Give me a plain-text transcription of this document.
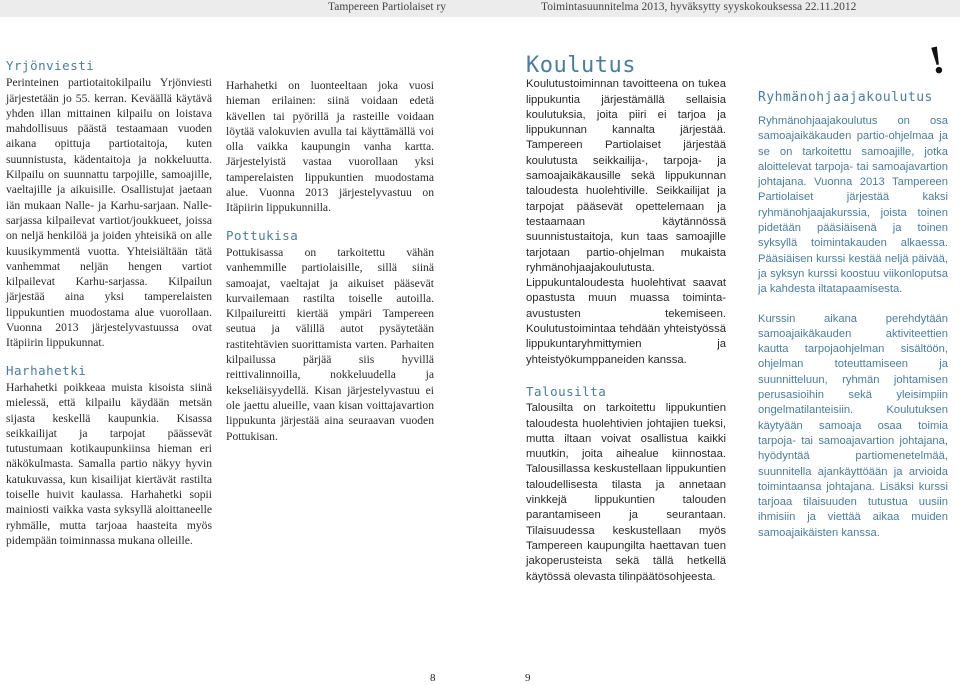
Tampereen Partiolaiset ry	Toimintasuunnitelma 2013, hyväksytty syyskokouksessa 22.11.2012
Yrjönviesti

Perinteinen partiotaitokilpailu Yrjönviesti järjestetään jo 55. kerran. Keväällä käytävä yhden illan mittainen kilpailu on loistava mahdollisuus päästä testaamaan vuoden aikana opittuja partiotaitoja, kuten suunnistusta, kädentaitoja ja nokkeluutta. Kilpailu on suunnattu tarpojille, samoajille, vaeltajille ja aikuisille. Osallistujat jaetaan iän mukaan Nalle- ja Karhu-sarjaan. Nalle-sarjassa kilpailevat vartiot/joukkueet, joissa on neljä henkilöä ja joiden yhteisikä on alle kuusikymmentä vuotta. Yhteisiältään tätä vanhemmat neljän hengen vartiot kilpailevat Karhu-sarjassa. Kilpailun järjestää aina yksi tamperelaisten lippukuntien muodostama alue vuorollaan. Vuonna 2013 järjestelyvastuussa ovat Itäpiirin lippukunnat.

Harhahetki

Harhahetki poikkeaa muista kisoista siinä mielessä, että kilpailu käydään metsän sijasta keskellä kaupunkia. Kisassa seikkailijat ja tarpojat päässevät tutustumaan kotikaupunkiinsa hieman eri näkökulmasta. Samalla partio näkyy hyvin katukuvassa, kun kisailijat kiertävät rastilta toiselle huivit kaulassa. Harhahetki sopii mainiosti vaikka vasta syksyllä aloittaneelle ryhmälle, mutta tarjoaa haasteita myös pidempään toiminnassa mukana olleille.

Harhahetki on luonteeltaan joka vuosi hieman erilainen: siinä voidaan edetä kävellen tai pyörillä ja rasteille voidaan löytää valokuvien avulla tai käyttämällä voi olla vaikka kaupungin vanha kartta. Järjestelyistä vastaa vuorollaan yksi tamperelaisten lippukuntien muodostama alue. Vuonna 2013 järjestelyvastuu on Itäpiirin lippukunnilla.

Pottukisa

Pottukisassa on tarkoitettu vähän vanhemmille partiolaisille, sillä siinä samoajat, vaeltajat ja aikuiset pääsevät kurvailemaan rastilta toiselle autoilla. Kilpailureitti kiertää ympäri Tampereen seutua ja välillä autot pysäytetään rastitehtävien suorittamista varten. Parhaiten kilpailussa pärjää siis hyvillä reittivalinnoilla, nokkeluudella ja kekseliäisyydellä. Kisan järjestelyvastuu ei ole jaettu alueille, vaan kisan voittajavartion lippukunta järjestää aina seuraavan vuoden Pottukisan.

Koulutus

Koulutustoiminnan tavoitteena on tukea lippukuntia järjestämällä sellaisia koulutuksia, joita piiri ei tarjoa ja lippukunnan kannalta järjestää. Tampereen Partiolaiset järjestää koulutusta seikkailija-, tarpoja- ja samoajaikäkausille sekä lippukunnan taloudesta huolehtiville. Seikkailijat ja tarpojat pääsevät opettelemaan ja testaamaan käytännössä suunnistustaitoja, kun taas samoajille tarjotaan partio-ohjelman mukaista ryhmänohjaajakoulutusta. Lippukuntaloudesta huolehtivat saavat opastusta muun muassa toiminta-avustusten tekemiseen. Koulutustoimintaa tehdään yhteistyössä lippukuntaryhmittymien ja yhteistyökumppaneiden kanssa.

Talousilta

Talousilta on tarkoitettu lippukuntien taloudesta huolehtivien johtajien tueksi, mutta iltaan voivat osallistua kaikki muutkin, joita aihealue kiinnostaa. Talousillassa keskustellaan lippukuntien taloudellisesta tilasta ja annetaan vinkkejä lippukuntien talouden parantamiseen ja seurantaan. Tilaisuudessa keskustellaan myös Tampereen kaupungilta haettavan tuen jakoperusteista sekä tällä hetkellä käytössä olevasta tilinpäätösohjeesta.

!
Ryhmänohjaajakoulutus

Ryhmänohjaajakoulutus on osa samoajaikäkauden partio-ohjelmaa ja se on tarkoitettu samoajille, jotka aloittelevat tarpoja- tai samoajavartion johtajana. Vuonna 2013 Tampereen Partiolaiset järjestää kaksi ryhmänohjaajakurssia, joista toinen pidetään pääsiäisenä ja toinen syksyllä toimintakauden alkaessa. Pääsiäisen kurssi kestää neljä päivää, ja syksyn kurssi koostuu viikonloputsa ja kahdesta iltatapaamisesta.

Kurssin aikana perehdytään samoajaikäkauden aktiviteettien kautta tarpojaohjelman sisältöön, ohjelman toteuttamiseen ja suunnitteluun, ryhmän johtamisen perusasioihin sekä yleisimpiin ongelmatilanteisiin. Koulutuksen käytyään samoaja osaa toimia tarpoja- tai samoajavartion johtajana, hyödyntää partiomenetelmää, suunnitella ajankäyttöään ja arvioida toimintaansa johtajana. Lisäksi kurssi tarjoaa tilaisuuden tutustua uusiin ihmisiin ja viettää aikaa muiden samoajaikäisten kanssa.

8	9
